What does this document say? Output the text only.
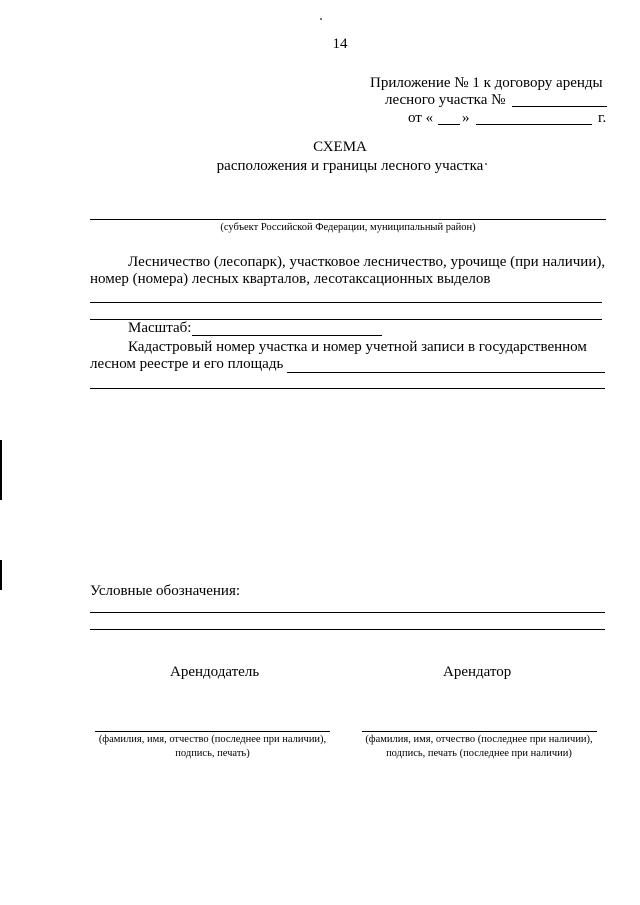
14
Приложение № 1 к договору аренды
лесного участка №
от « »	г.
СХЕМА
расположения и границы лесного участка
(субъект Российской Федерации, муниципальный район)
Лесничество (лесопарк), участковое лесничество, урочище (при наличии),
номер (номера) лесных кварталов, лесотаксационных выделов
Масштаб:
Кадастровый номер участка и номер учетной записи в государственном
лесном реестре и его площадь
Условные обозначения:
Арендодатель	Арендатор
(фамилия, имя, отчество (последнее при наличии),
подпись, печать)
(фамилия, имя, отчество (последнее при наличии),
подпись, печать (последнее при наличии)
